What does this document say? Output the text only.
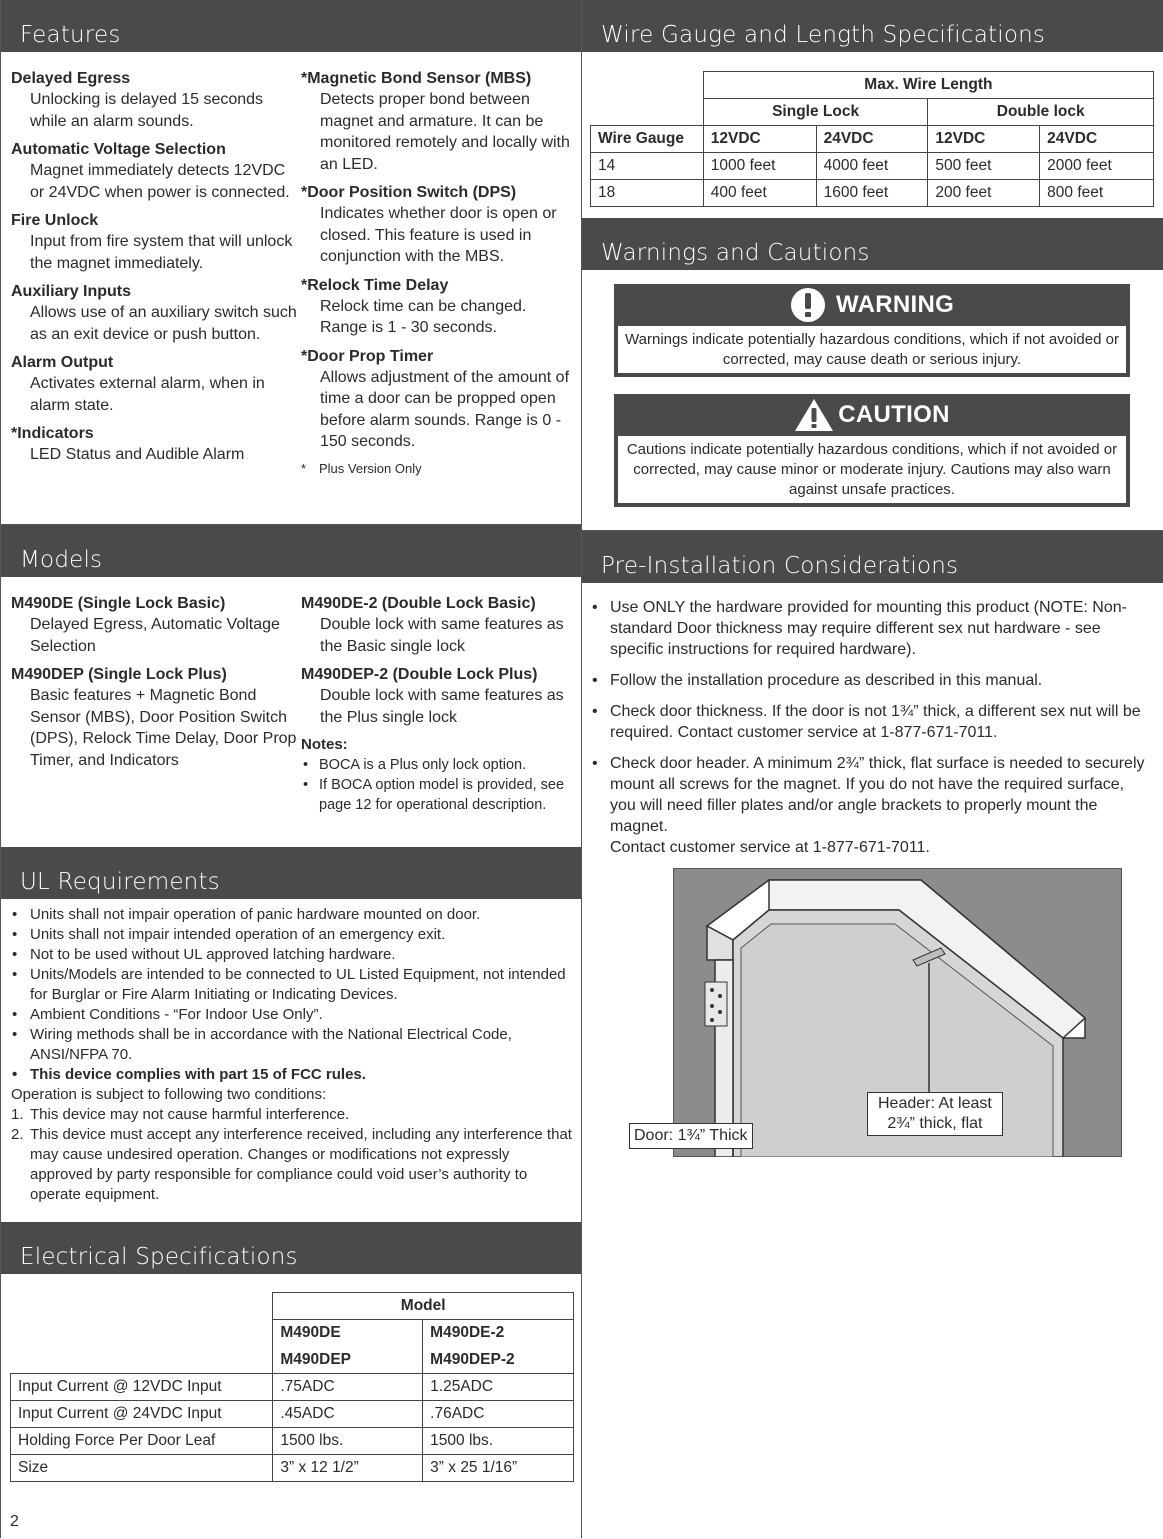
Features
Delayed Egress
Unlocking is delayed 15 seconds while an alarm sounds.
Automatic Voltage Selection
Magnet immediately detects 12VDC or 24VDC when power is connected.
Fire Unlock
Input from fire system that will unlock the magnet immediately.
Auxiliary Inputs
Allows use of an auxiliary switch such as an exit device or push button.
Alarm Output
Activates external alarm, when in alarm state.
*Indicators
LED Status and Audible Alarm
*Magnetic Bond Sensor (MBS)
Detects proper bond between magnet and armature. It can be monitored remotely and locally with an LED.
*Door Position Switch (DPS)
Indicates whether door is open or closed. This feature is used in conjunction with the MBS.
*Relock Time Delay
Relock time can be changed. Range is 1 - 30 seconds.
*Door Prop Timer
Allows adjustment of the amount of time a door can be propped open before alarm sounds. Range is 0 - 150 seconds.
* Plus Version Only
Models
M490DE (Single Lock Basic)
Delayed Egress, Automatic Voltage Selection
M490DEP (Single Lock Plus)
Basic features + Magnetic Bond Sensor (MBS), Door Position Switch (DPS), Relock Time Delay, Door Prop Timer, and Indicators
M490DE-2 (Double Lock Basic)
Double lock with same features as the Basic single lock
M490DEP-2 (Double Lock Plus)
Double lock with same features as the Plus single lock
Notes:
• BOCA is a Plus only lock option.
• If BOCA option model is provided, see page 12 for operational description.
UL Requirements
• Units shall not impair operation of panic hardware mounted on door.
• Units shall not impair intended operation of an emergency exit.
• Not to be used without UL approved latching hardware.
• Units/Models are intended to be connected to UL Listed Equipment, not intended for Burglar or Fire Alarm Initiating or Indicating Devices.
• Ambient Conditions - “For Indoor Use Only”.
• Wiring methods shall be in accordance with the National Electrical Code, ANSI/NFPA 70.
• This device complies with part 15 of FCC rules.
Operation is subject to following two conditions:
1. This device may not cause harmful interference.
2. This device must accept any interference received, including any interference that may cause undesired operation. Changes or modifications not expressly approved by party responsible for compliance could void user’s authority to operate equipment.
Electrical Specifications
	Model	
	M490DE	M490DE-2
	M490DEP	M490DEP-2
Input Current @ 12VDC Input	.75ADC	1.25ADC
Input Current @ 24VDC Input	.45ADC	.76ADC
Holding Force Per Door Leaf	1500 lbs.	1500 lbs.
Size	3” x 12 1/2”	3” x 25 1/16”
2
Wire Gauge and Length Specifications
	Max. Wire Length			
	Single Lock		Double lock	
Wire Gauge	12VDC	24VDC	12VDC	24VDC
14	1000 feet	4000 feet	500 feet	2000 feet
18	400 feet	1600 feet	200 feet	800 feet
Warnings and Cautions
WARNING
Warnings indicate potentially hazardous conditions, which if not avoided or corrected, may cause death or serious injury.
CAUTION
Cautions indicate potentially hazardous conditions, which if not avoided or corrected, may cause minor or moderate injury. Cautions may also warn against unsafe practices.
Pre-Installation Considerations
• Use ONLY the hardware provided for mounting this product (NOTE: Non-standard Door thickness may require different sex nut hardware - see specific instructions for required hardware).
• Follow the installation procedure as described in this manual.
• Check door thickness. If the door is not 1¾” thick, a different sex nut will be required. Contact customer service at 1-877-671-7011.
• Check door header. A minimum 2¾” thick, flat surface is needed to securely mount all screws for the magnet. If you do not have the required surface, you will need filler plates and/or angle brackets to properly mount the magnet.
Contact customer service at 1-877-671-7011.
Door: 1¾” Thick
Header: At least
2¾” thick, flat
